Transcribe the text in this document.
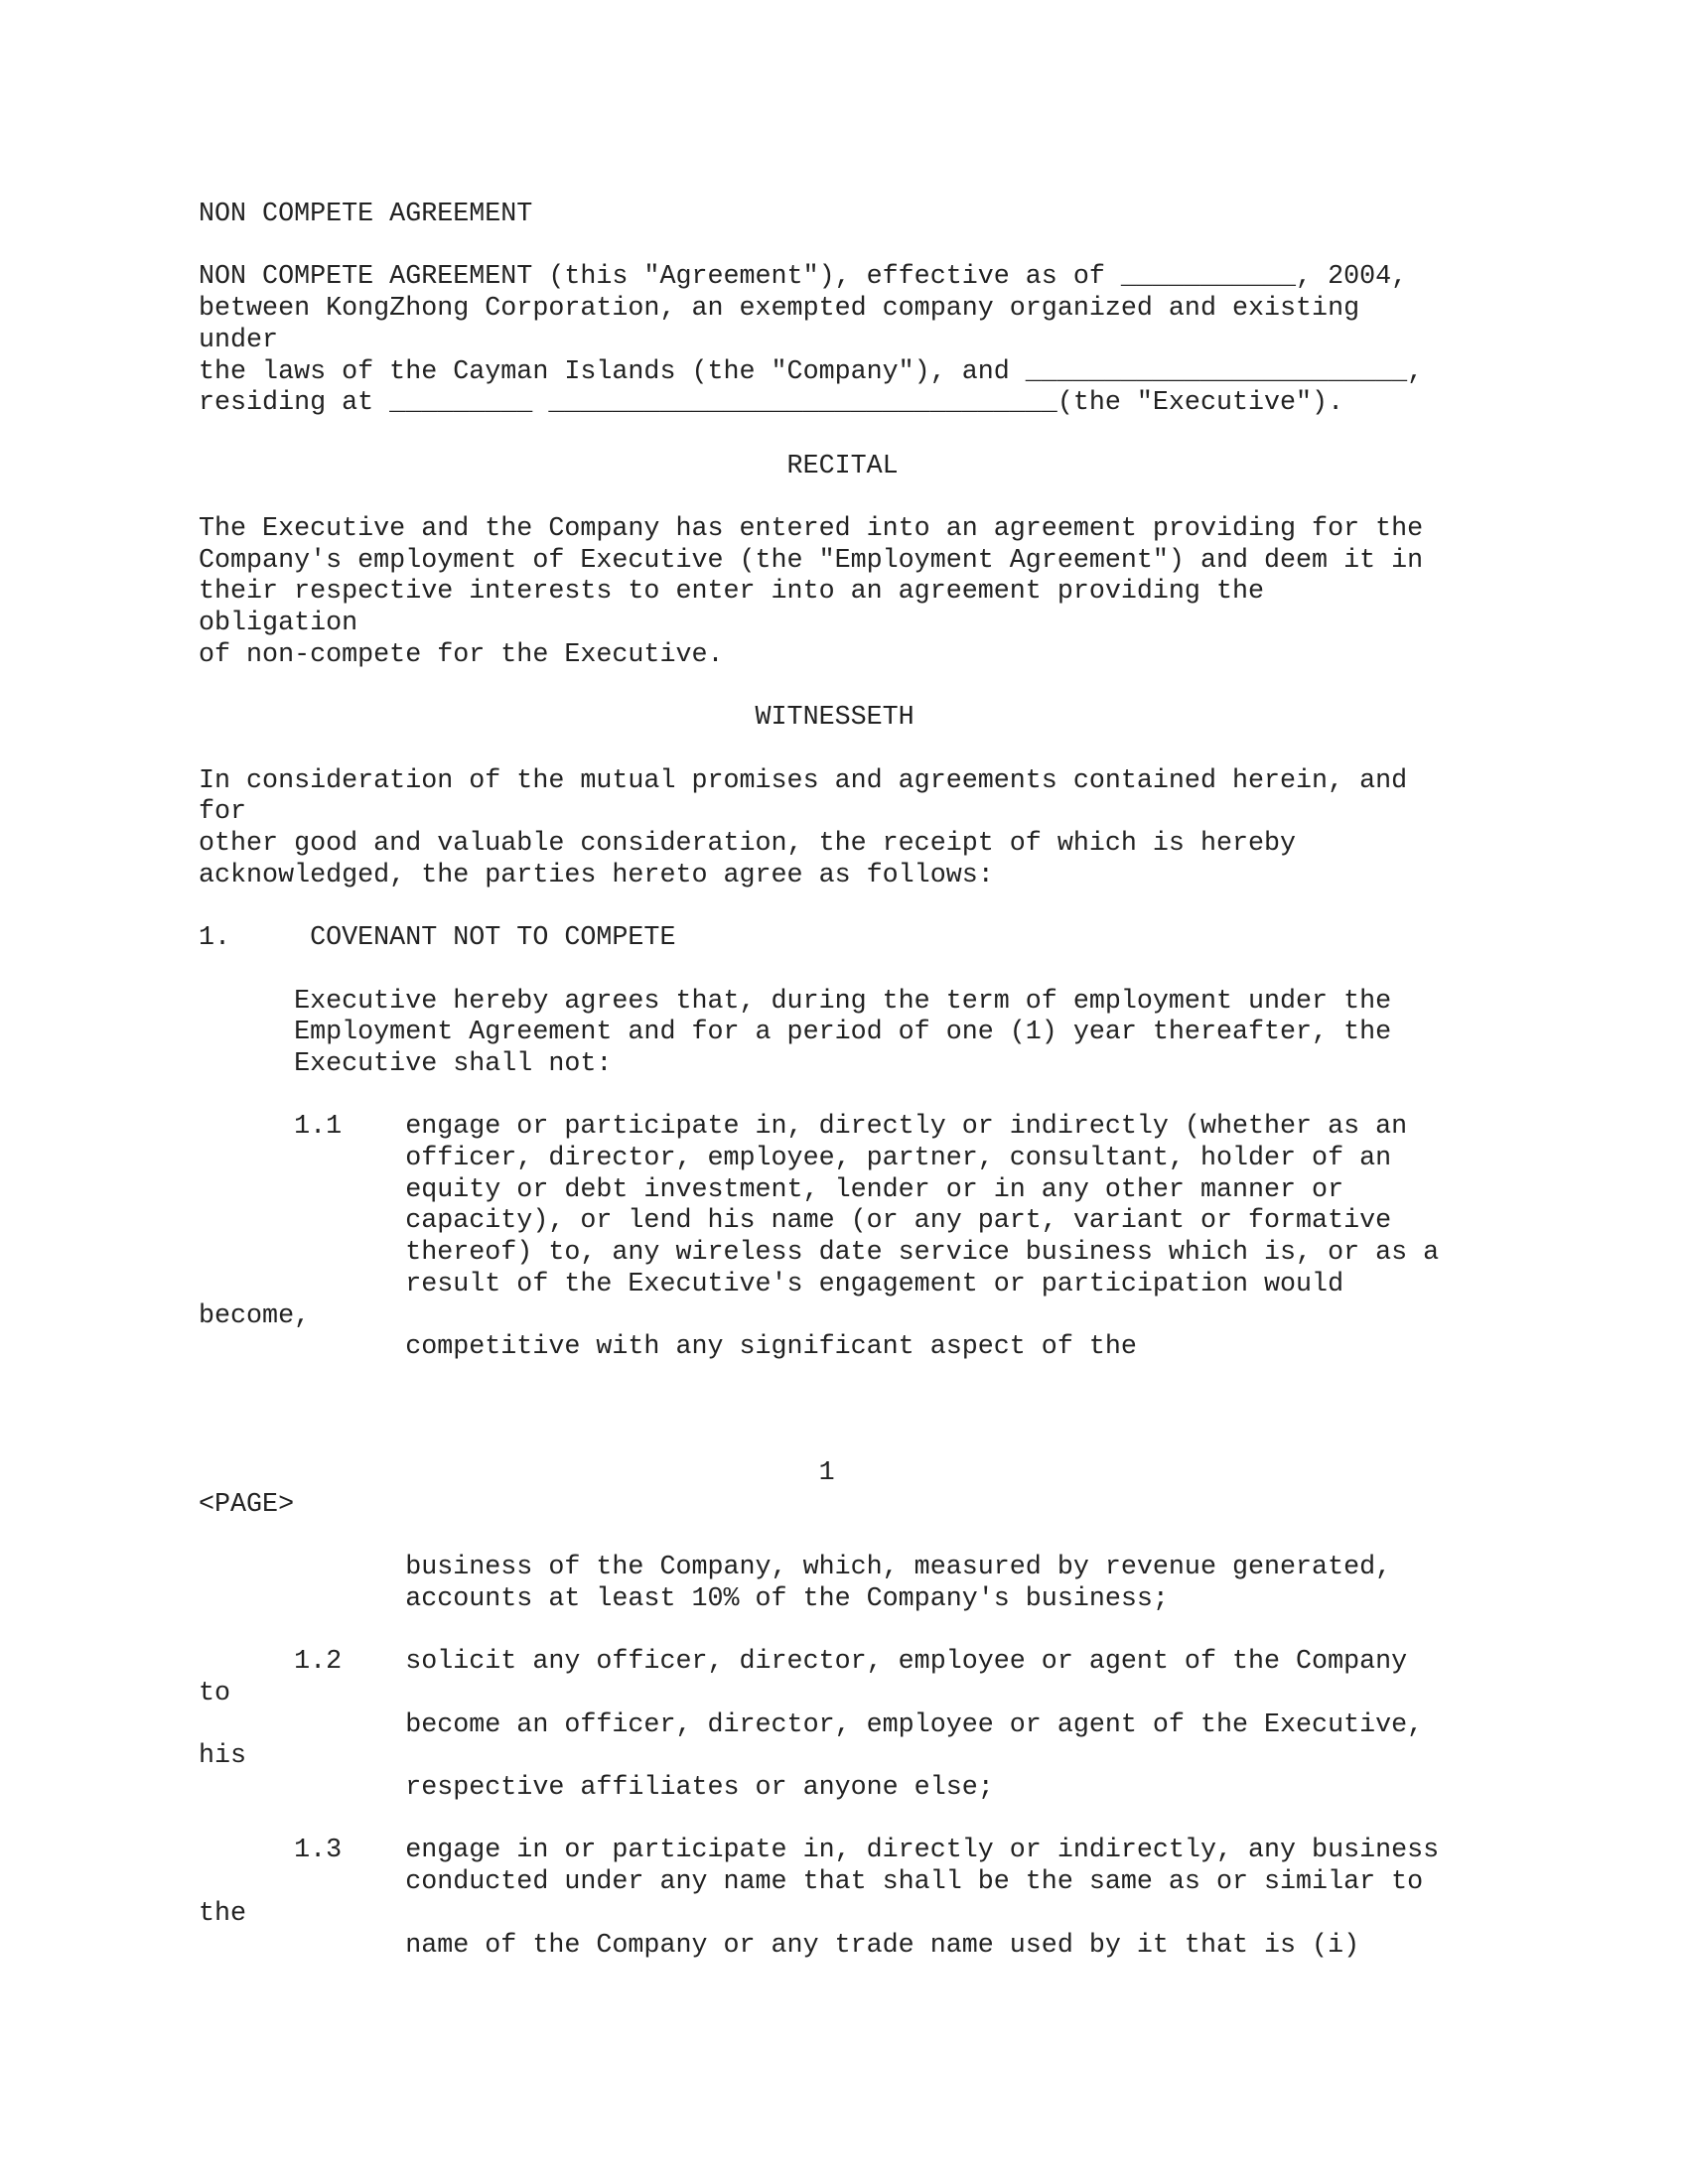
NON COMPETE AGREEMENT
NON COMPETE AGREEMENT (this "Agreement"), effective as of ___________, 2004,
between KongZhong Corporation, an exempted company organized and existing
under
the laws of the Cayman Islands (the "Company"), and ________________________,
residing at _________ ________________________________(the "Executive").
RECITAL
The Executive and the Company has entered into an agreement providing for the
Company's employment of Executive (the "Employment Agreement") and deem it in
their respective interests to enter into an agreement providing the
obligation
of non-compete for the Executive.
WITNESSETH
In consideration of the mutual promises and agreements contained herein, and
for
other good and valuable consideration, the receipt of which is hereby
acknowledged, the parties hereto agree as follows:
1.     COVENANT NOT TO COMPETE
Executive hereby agrees that, during the term of employment under the
Employment Agreement and for a period of one (1) year thereafter, the
Executive shall not:
1.1    engage or participate in, directly or indirectly (whether as an
officer, director, employee, partner, consultant, holder of an
equity or debt investment, lender or in any other manner or
capacity), or lend his name (or any part, variant or formative
thereof) to, any wireless date service business which is, or as a
result of the Executive's engagement or participation would
become,
competitive with any significant aspect of the
1
<PAGE>
business of the Company, which, measured by revenue generated,
accounts at least 10% of the Company's business;
1.2    solicit any officer, director, employee or agent of the Company
to
become an officer, director, employee or agent of the Executive,
his
respective affiliates or anyone else;
1.3    engage in or participate in, directly or indirectly, any business
conducted under any name that shall be the same as or similar to
the
name of the Company or any trade name used by it that is (i)
